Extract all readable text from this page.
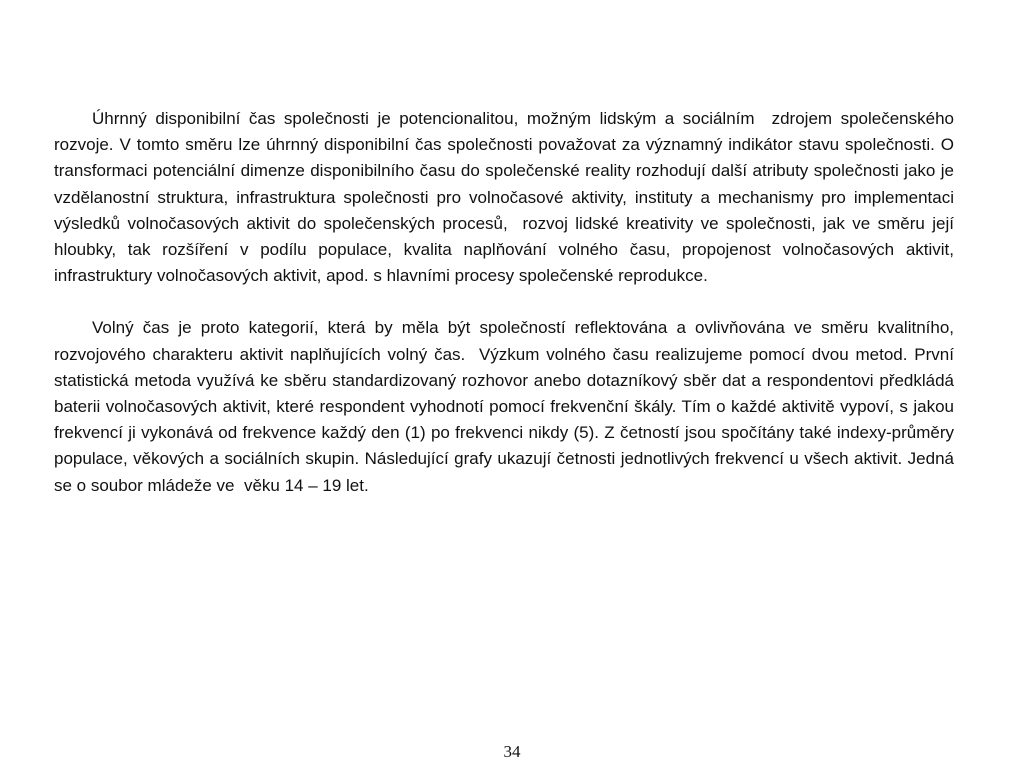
Úhrnný disponibilní čas společnosti je potencionalitou, možným lidským a sociálním  zdrojem společenského rozvoje. V tomto směru lze úhrnný disponibilní čas společnosti považovat za významný indikátor stavu společnosti. O transformaci potenciální dimenze disponibilního času do společenské reality rozhodují další atributy společnosti jako je vzdělanostní struktura, infrastruktura společnosti pro volnočasové aktivity, instituty a mechanismy pro implementaci výsledků volnočasových aktivit do společenských procesů,  rozvoj lidské kreativity ve společnosti, jak ve směru její hloubky, tak rozšíření v podílu populace, kvalita naplňování volného času, propojenost volnočasových aktivit, infrastruktury volnočasových aktivit, apod. s hlavními procesy společenské reprodukce.

Volný čas je proto kategorií, která by měla být společností reflektována a ovlivňována ve směru kvalitního, rozvojového charakteru aktivit naplňujících volný čas.  Výzkum volného času realizujeme pomocí dvou metod. První statistická metoda využívá ke sběru standardizovaný rozhovor anebo dotazníkový sběr dat a respondentovi předkládá baterii volnočasových aktivit, které respondent vyhodnotí pomocí frekvenční škály. Tím o každé aktivitě vypoví, s jakou frekvencí ji vykonává od frekvence každý den (1) po frekvenci nikdy (5). Z četností jsou spočítány také indexy-průměry populace, věkových a sociálních skupin. Následující grafy ukazují četnosti jednotlivých frekvencí u všech aktivit. Jedná se o soubor mládeže ve  věku 14 – 19 let.

34
